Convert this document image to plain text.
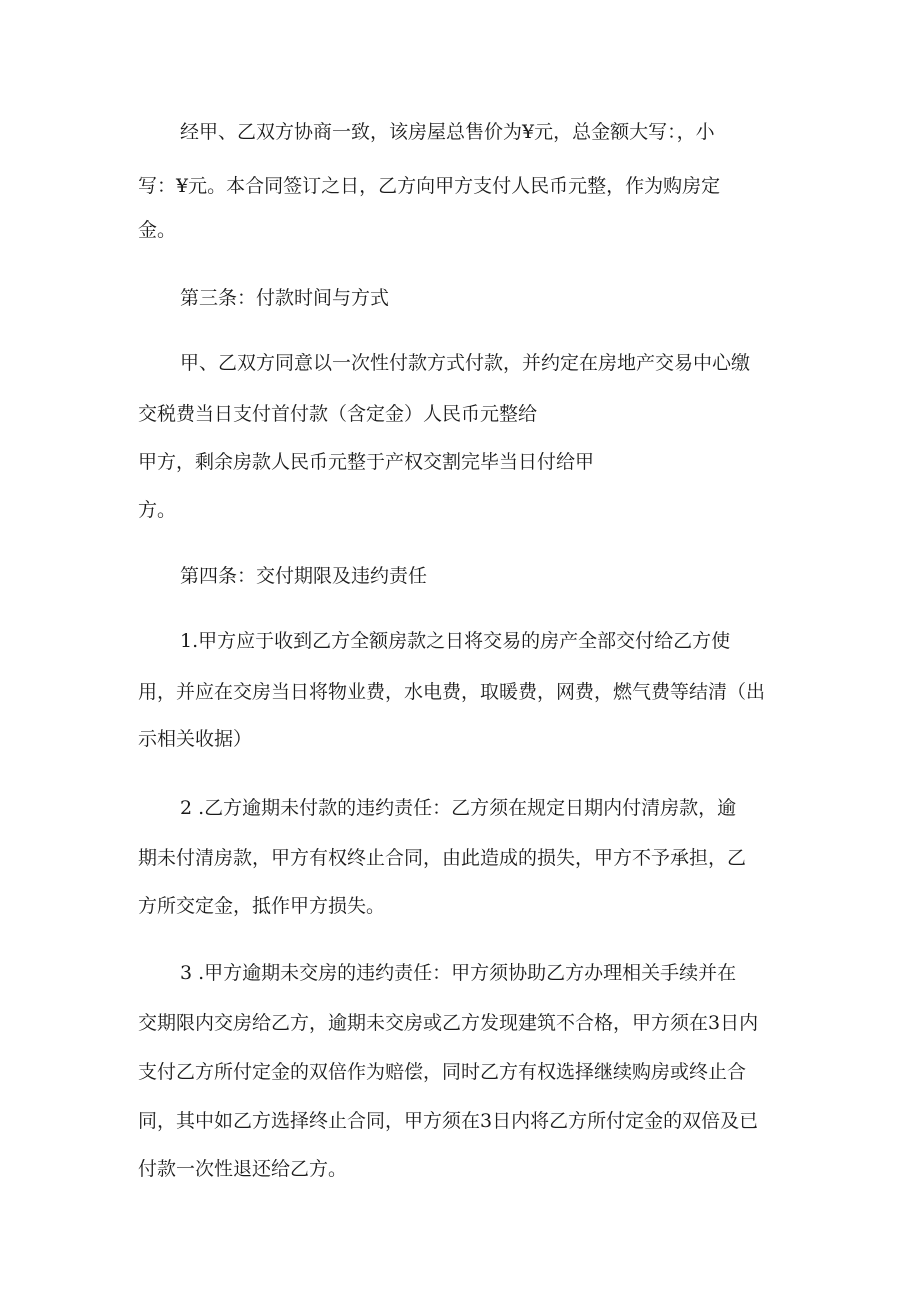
经甲、乙双方协商一致，该房屋总售价为¥元，总金额大写：，小

写：¥元。本合同签订之日，乙方向甲方支付人民币元整，作为购房定

金。

第三条：付款时间与方式

甲、乙双方同意以一次性付款方式付款，并约定在房地产交易中心缴

交税费当日支付首付款（含定金）人民币元整给

甲方，剩余房款人民币元整于产权交割完毕当日付给甲

方。

第四条：交付期限及违约责任

1.甲方应于收到乙方全额房款之日将交易的房产全部交付给乙方使

用，并应在交房当日将物业费，水电费，取暖费，网费，燃气费等结清（出

示相关收据）

2 .乙方逾期未付款的违约责任：乙方须在规定日期内付清房款，逾

期未付清房款，甲方有权终止合同，由此造成的损失，甲方不予承担，乙

方所交定金，抵作甲方损失。

3 .甲方逾期未交房的违约责任：甲方须协助乙方办理相关手续并在

交期限内交房给乙方，逾期未交房或乙方发现建筑不合格，甲方须在3日内

支付乙方所付定金的双倍作为赔偿，同时乙方有权选择继续购房或终止合

同，其中如乙方选择终止合同，甲方须在3日内将乙方所付定金的双倍及已

付款一次性退还给乙方。
